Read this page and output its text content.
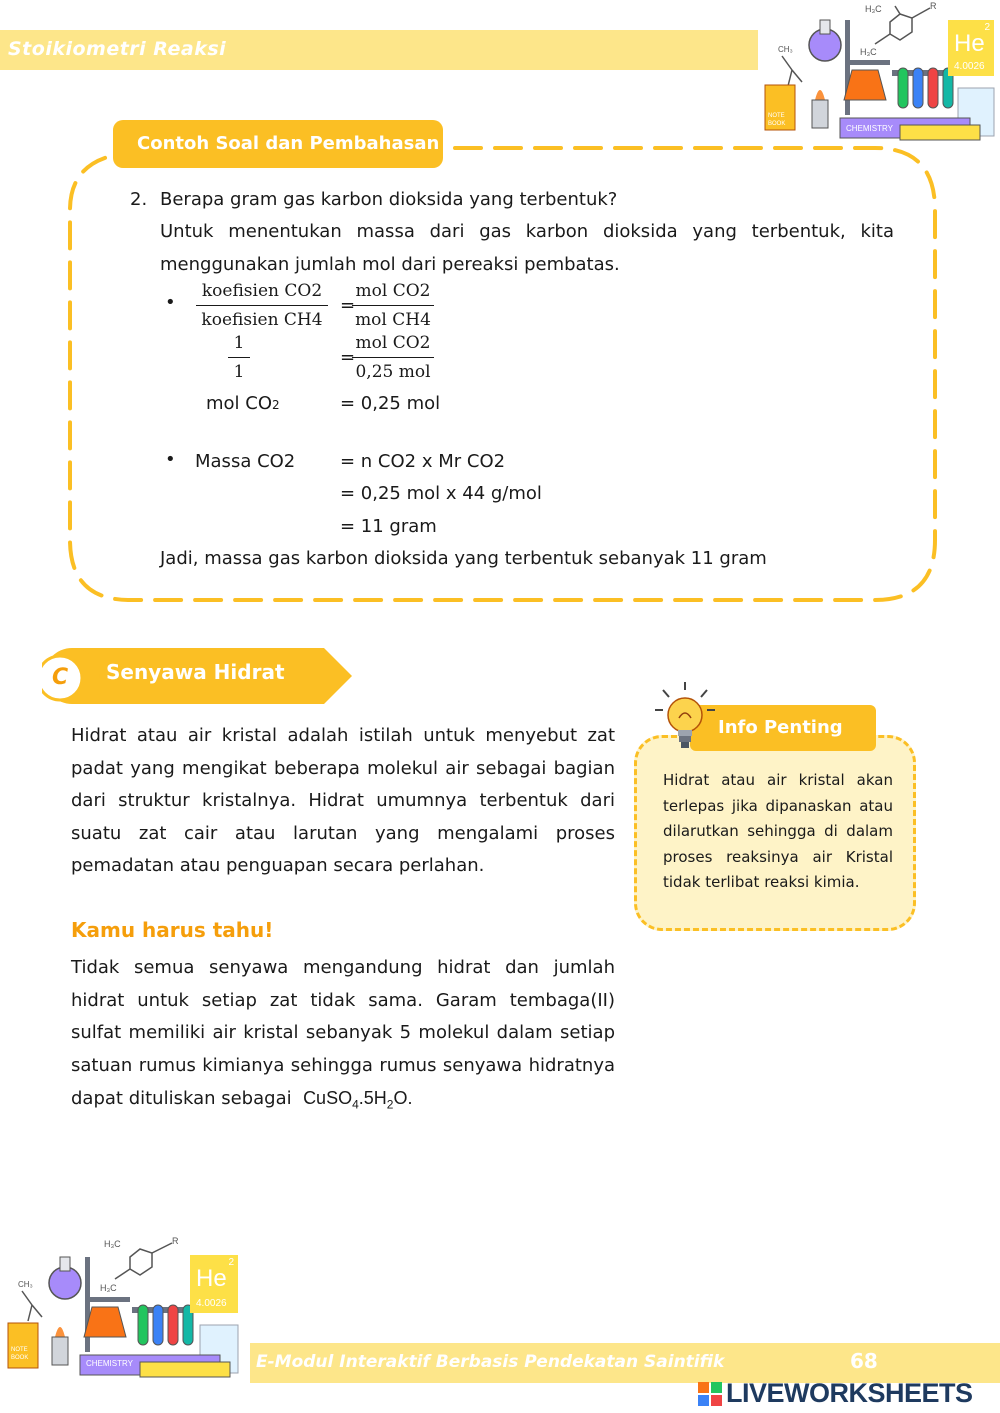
Stoikiometri Reaksi
H₃C	R
H₃C
CH₃
2
He
4.0026
CHEMISTRY
NOTE BOOK
Contoh Soal dan Pembahasan
2. Berapa gram gas karbon dioksida yang terbentuk?
Untuk menentukan massa dari gas karbon dioksida yang terbentuk, kita
menggunakan jumlah mol dari pereaksi pembatas.
•
koefisien CO2
koefisien CH4
=
mol CO2
mol CH4
$\frac{1}{1}$	=
mol CO2
0,25 mol
mol CO2	= 0,25 mol
• Massa CO2 = n CO2 x Mr CO2
= 0,25 mol x 44 g/mol
= 11 gram
Jadi, massa gas karbon dioksida yang terbentuk sebanyak 11 gram
C Senyawa Hidrat
Hidrat atau air kristal adalah istilah untuk menyebut zat padat yang mengikat beberapa molekul air sebagai bagian dari struktur kristalnya. Hidrat umumnya terbentuk dari suatu zat cair atau larutan yang mengalami proses pemadatan atau penguapan secara perlahan.
Kamu harus tahu!
Tidak semua senyawa mengandung hidrat dan jumlah hidrat untuk setiap zat tidak sama. Garam tembaga(II) sulfat memiliki air kristal sebanyak 5 molekul dalam setiap satuan rumus kimianya sehingga rumus senyawa hidratnya dapat dituliskan sebagai $CuSO_4.5H_2O$.
Info Penting
Hidrat atau air kristal akan terlepas jika dipanaskan atau dilarutkan sehingga di dalam proses reaksinya air Kristal tidak terlibat reaksi kimia.
H₃C	R
H₃C
CH₃
2
He
4.0026
CHEMISTRY
NOTE BOOK	E-Modul Interaktif Berbasis Pendekatan Saintifik	68
LIVEWORKSHEETS
